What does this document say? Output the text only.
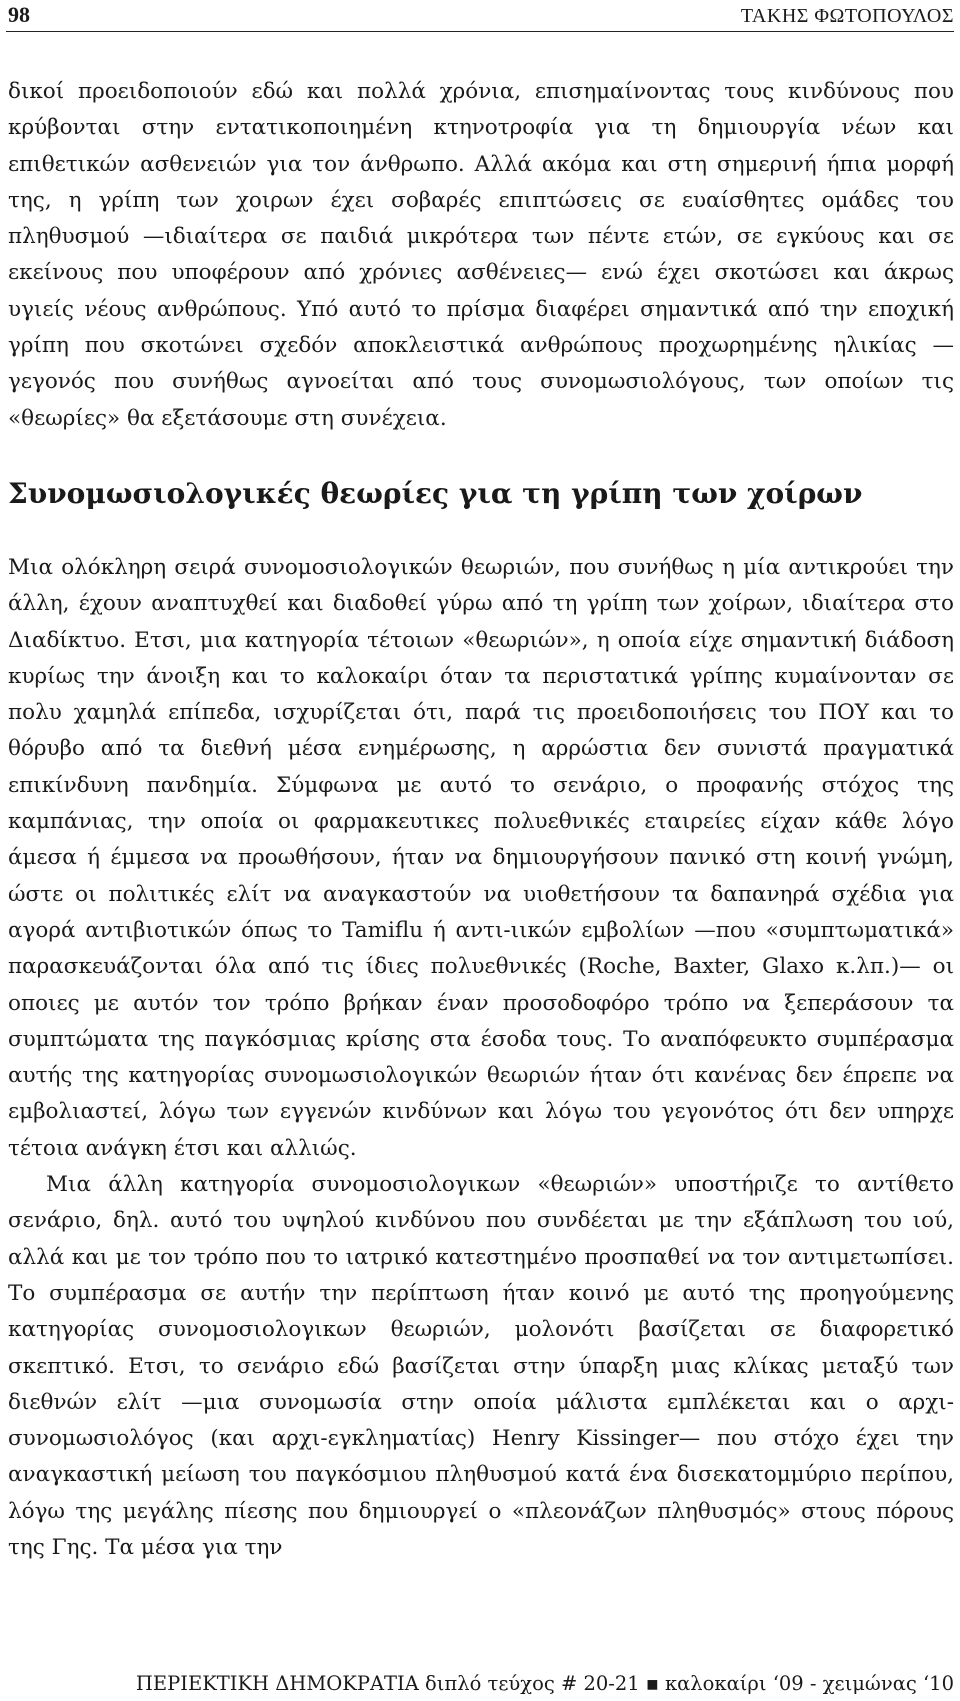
98	ΤΑΚΗΣ ΦΩΤΟΠΟΥΛΟΣ

δικοί προειδοποιούν εδώ και πολλά χρόνια, επισημαίνοντας τους κινδύνους που κρύβονται στην εντατικοποιημένη κτηνοτροφία για τη δημιουργία νέων και επιθετικών ασθενειών για τον άνθρωπο. Αλλά ακόμα και στη σημερινή ήπια μορφή της, η γρίπη των χοιρων έχει σοβαρές επιπτώσεις σε ευαίσθητες ομάδες του πληθυσμού —ιδιαίτερα σε παιδιά μικρότερα των πέντε ετών, σε εγκύους και σε εκείνους που υποφέρουν από χρόνιες ασθένειες— ενώ έχει σκοτώσει και άκρως υγιείς νέους ανθρώπους. Υπό αυτό το πρίσμα διαφέρει σημαντικά από την εποχική γρίπη που σκοτώνει σχεδόν αποκλειστικά ανθρώπους προχωρημένης ηλικίας —γεγονός που συνήθως αγνοείται από τους συνομωσιολόγους, των οποίων τις «θεωρίες» θα εξετάσουμε στη συνέχεια.

Συνομωσιολογικές θεωρίες για τη γρίπη των χοίρων

Μια ολόκληρη σειρά συνομοσιολογικών θεωριών, που συνήθως η μία αντικρούει την άλλη, έχουν αναπτυχθεί και διαδοθεί γύρω από τη γρίπη των χοίρων, ιδιαίτερα στο Διαδίκτυο. Ετσι, μια κατηγορία τέτοιων «θεωριών», η οποία είχε σημαντική διάδοση κυρίως την άνοιξη και το καλοκαίρι όταν τα περιστατικά γρίπης κυμαίνονταν σε πολυ χαμηλά επίπεδα, ισχυρίζεται ότι, παρά τις προειδοποιήσεις του ΠΟΥ και το θόρυβο από τα διεθνή μέσα ενημέρωσης, η αρρώστια δεν συνιστά πραγματικά επικίνδυνη πανδημία. Σύμφωνα με αυτό το σενάριο, ο προφανής στόχος της καμπάνιας, την οποία οι φαρμακευτικες πολυεθνικές εταιρείες είχαν κάθε λόγο άμεσα ή έμμεσα να προωθήσουν, ήταν να δημιουργήσουν πανικό στη κοινή γνώμη, ώστε οι πολιτικές ελίτ να αναγκαστούν να υιοθετήσουν τα δαπανηρά σχέδια για αγορά αντιβιοτικών όπως το Tamiflu ή αντι-ιικών εμβολίων —που «συμπτωματικά» παρασκευάζονται όλα από τις ίδιες πολυεθνικές (Roche, Baxter, Glaxo κ.λπ.)— οι οποιες με αυτόν τον τρόπο βρήκαν έναν προσοδοφόρο τρόπο να ξεπεράσουν τα συμπτώματα της παγκόσμιας κρίσης στα έσοδα τους. Το αναπόφευκτο συμπέρασμα αυτής της κατηγορίας συνομωσιολογικών θεωριών ήταν ότι κανένας δεν έπρεπε να εμβολιαστεί, λόγω των εγγενών κινδύνων και λόγω του γεγονότος ότι δεν υπηρχε τέτοια ανάγκη έτσι και αλλιώς.

Μια άλλη κατηγορία συνομοσιολογικων «θεωριών» υποστήριζε το αντίθετο σενάριο, δηλ. αυτό του υψηλού κινδύνου που συνδέεται με την εξάπλωση του ιού, αλλά και με τον τρόπο που το ιατρικό κατεστημένο προσπαθεί να τον αντιμετωπίσει. Το συμπέρασμα σε αυτήν την περίπτωση ήταν κοινό με αυτό της προηγούμενης κατηγορίας συνομοσιολογικων θεωριών, μολονότι βασίζεται σε διαφορετικό σκεπτικό. Ετσι, το σενάριο εδώ βασίζεται στην ύπαρξη μιας κλίκας μεταξύ των διεθνών ελίτ —μια συνομωσία στην οποία μάλιστα εμπλέκεται και ο αρχι-συνομωσιολόγος (και αρχι-εγκληματίας) Henry Kissinger— που στόχο έχει την αναγκαστική μείωση του παγκόσμιου πληθυσμού κατά ένα δισεκατομμύριο περίπου, λόγω της μεγάλης πίεσης που δημιουργεί ο «πλεονάζων πληθυσμός» στους πόρους της Γης. Τα μέσα για την

ΠΕΡΙΕΚΤΙΚΗ ΔΗΜΟΚΡΑΤΙΑ διπλό τεύχος # 20-21 ▪ καλοκαίρι ‘09 - χειμώνας ‘10
